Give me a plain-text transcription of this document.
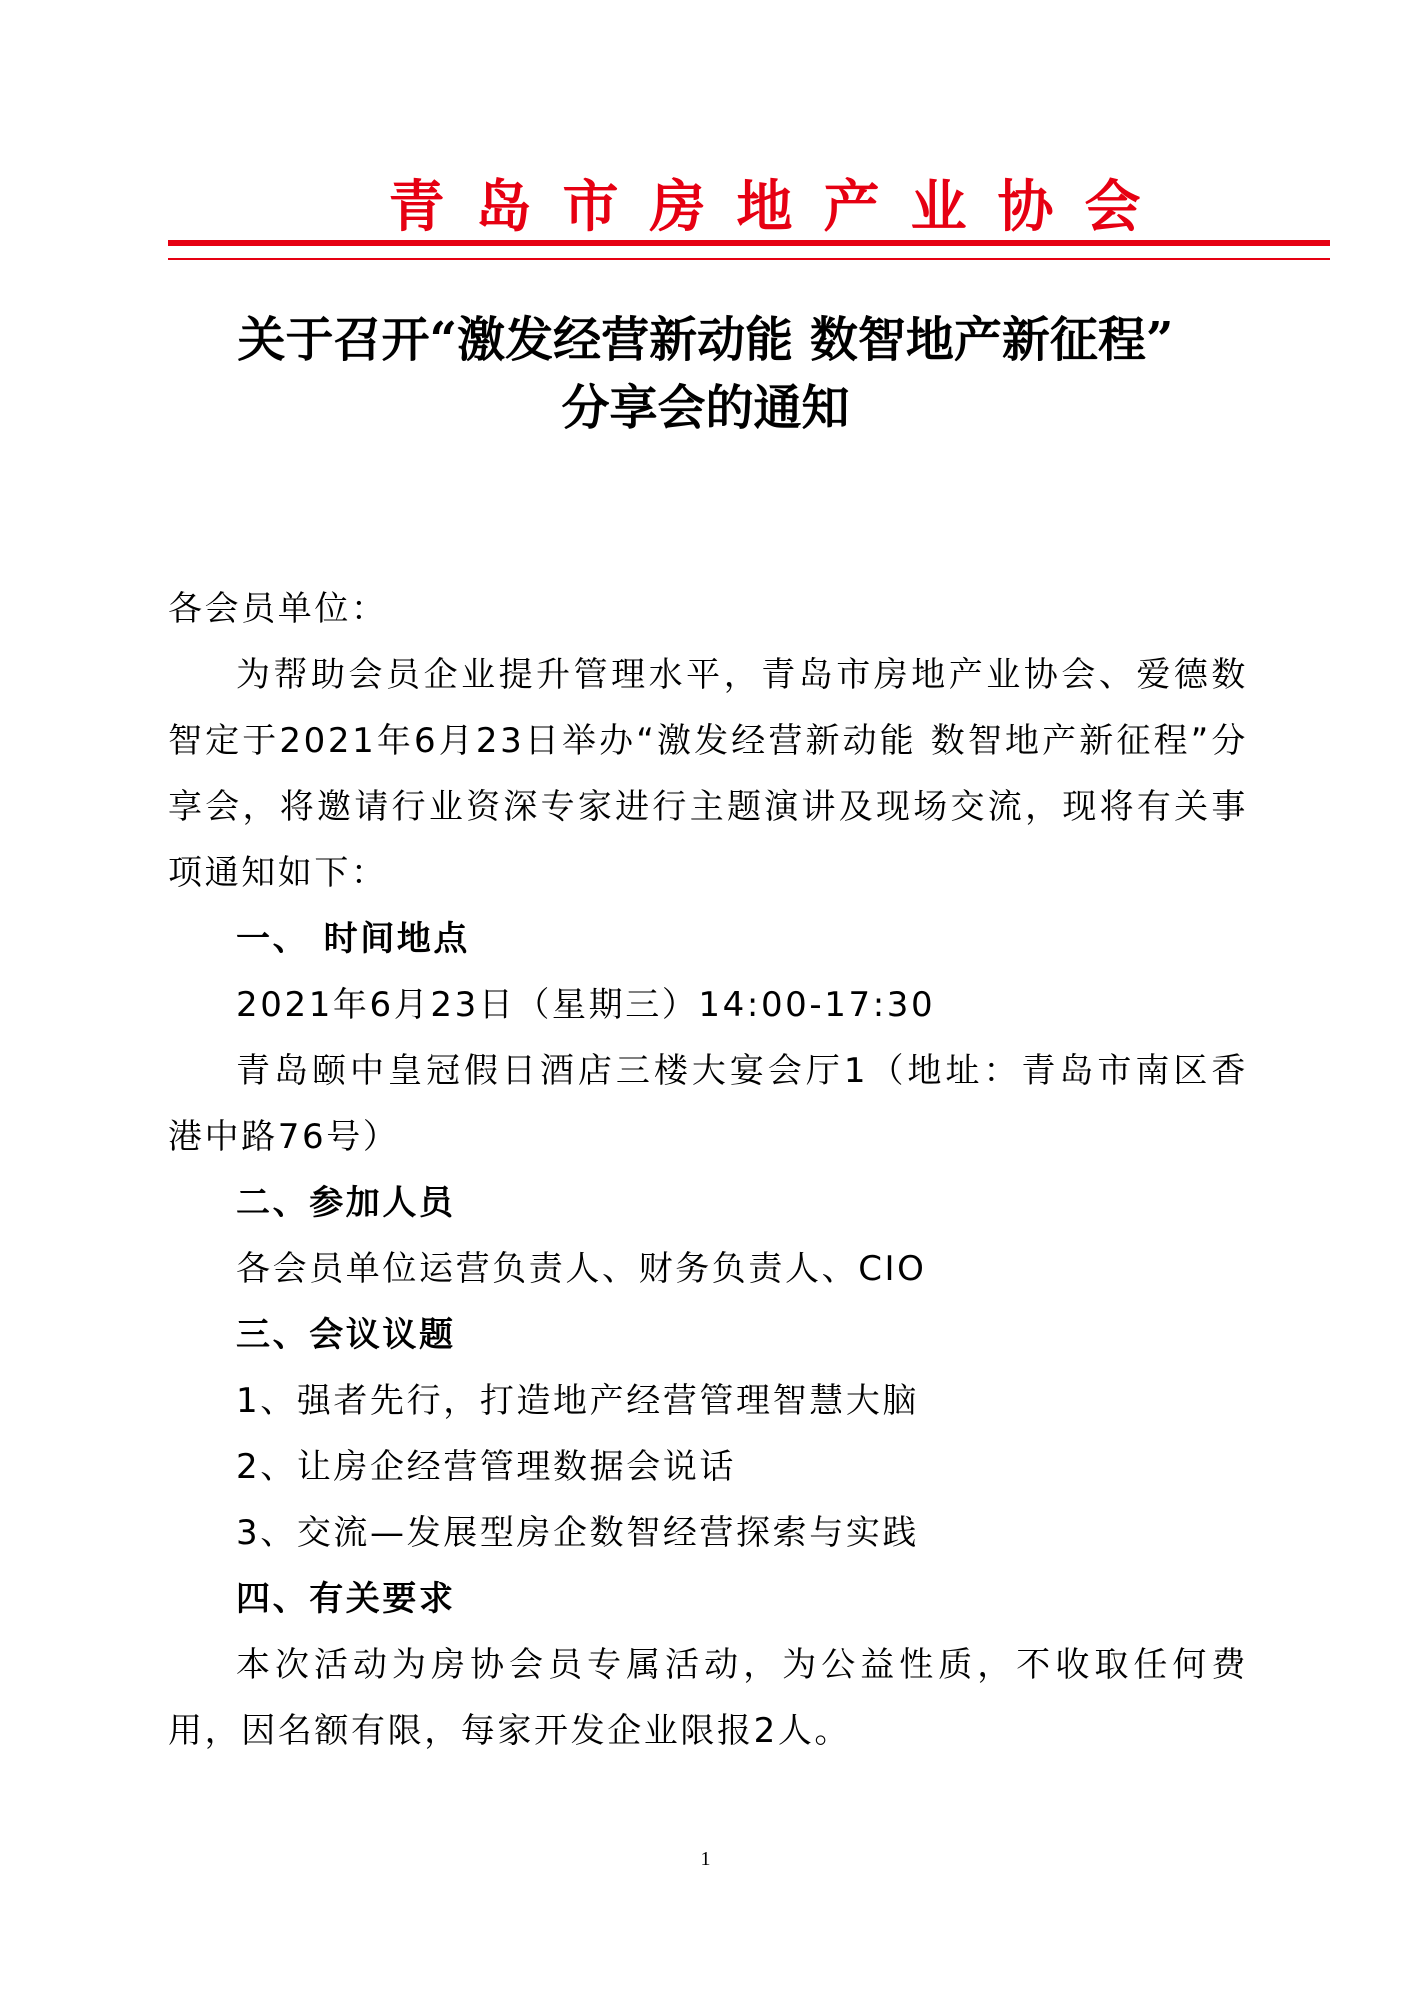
青岛市房地产业协会
关于召开“激发经营新动能 数智地产新征程”
分享会的通知

各会员单位：

为帮助会员企业提升管理水平，青岛市房地产业协会、爱德数智定于2021年6月23日举办“激发经营新动能 数智地产新征程”分享会，将邀请行业资深专家进行主题演讲及现场交流，现将有关事项通知如下：

一、 时间地点

2021年6月23日（星期三）14:00-17:30

青岛颐中皇冠假日酒店三楼大宴会厅1（地址：青岛市南区香港中路76号）

二、参加人员

各会员单位运营负责人、财务负责人、CIO

三、会议议题

1、强者先行，打造地产经营管理智慧大脑

2、让房企经营管理数据会说话

3、交流—发展型房企数智经营探索与实践

四、有关要求

本次活动为房协会员专属活动，为公益性质，不收取任何费用，因名额有限，每家开发企业限报2人。

1
